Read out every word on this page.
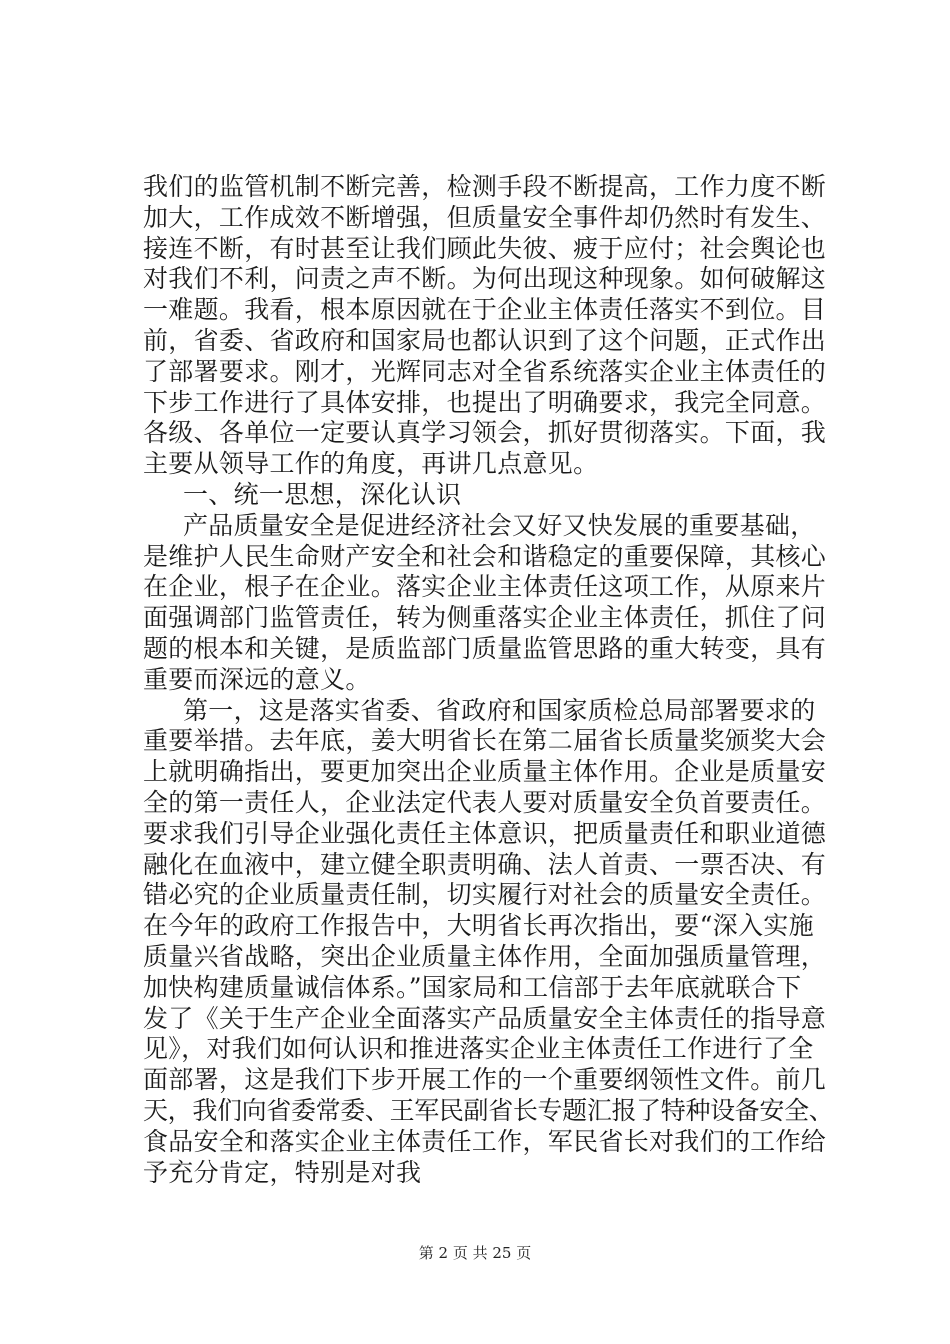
我们的监管机制不断完善，检测手段不断提高，工作力度不断
加大，工作成效不断增强，但质量安全事件却仍然时有发生、
接连不断，有时甚至让我们顾此失彼、疲于应付；社会舆论也
对我们不利，问责之声不断。为何出现这种现象。如何破解这
一难题。我看，根本原因就在于企业主体责任落实不到位。目
前，省委、省政府和国家局也都认识到了这个问题，正式作出
了部署要求。刚才，光辉同志对全省系统落实企业主体责任的
下步工作进行了具体安排，也提出了明确要求，我完全同意。
各级、各单位一定要认真学习领会，抓好贯彻落实。下面，我
主要从领导工作的角度，再讲几点意见。
一、统一思想，深化认识
产品质量安全是促进经济社会又好又快发展的重要基础，
是维护人民生命财产安全和社会和谐稳定的重要保障，其核心
在企业，根子在企业。落实企业主体责任这项工作，从原来片
面强调部门监管责任，转为侧重落实企业主体责任，抓住了问
题的根本和关键，是质监部门质量监管思路的重大转变，具有
重要而深远的意义。
第一，这是落实省委、省政府和国家质检总局部署要求的
重要举措。去年底，姜大明省长在第二届省长质量奖颁奖大会
上就明确指出，要更加突出企业质量主体作用。企业是质量安
全的第一责任人，企业法定代表人要对质量安全负首要责任。
要求我们引导企业强化责任主体意识，把质量责任和职业道德
融化在血液中，建立健全职责明确、法人首责、一票否决、有
错必究的企业质量责任制，切实履行对社会的质量安全责任。
在今年的政府工作报告中，大明省长再次指出，要“深入实施
质量兴省战略，突出企业质量主体作用，全面加强质量管理，
加快构建质量诚信体系。”国家局和工信部于去年底就联合下
发了《关于生产企业全面落实产品质量安全主体责任的指导意
见》，对我们如何认识和推进落实企业主体责任工作进行了全
面部署，这是我们下步开展工作的一个重要纲领性文件。前几
天，我们向省委常委、王军民副省长专题汇报了特种设备安全、
食品安全和落实企业主体责任工作，军民省长对我们的工作给
予充分肯定，特别是对我
第 2 页 共 25 页
